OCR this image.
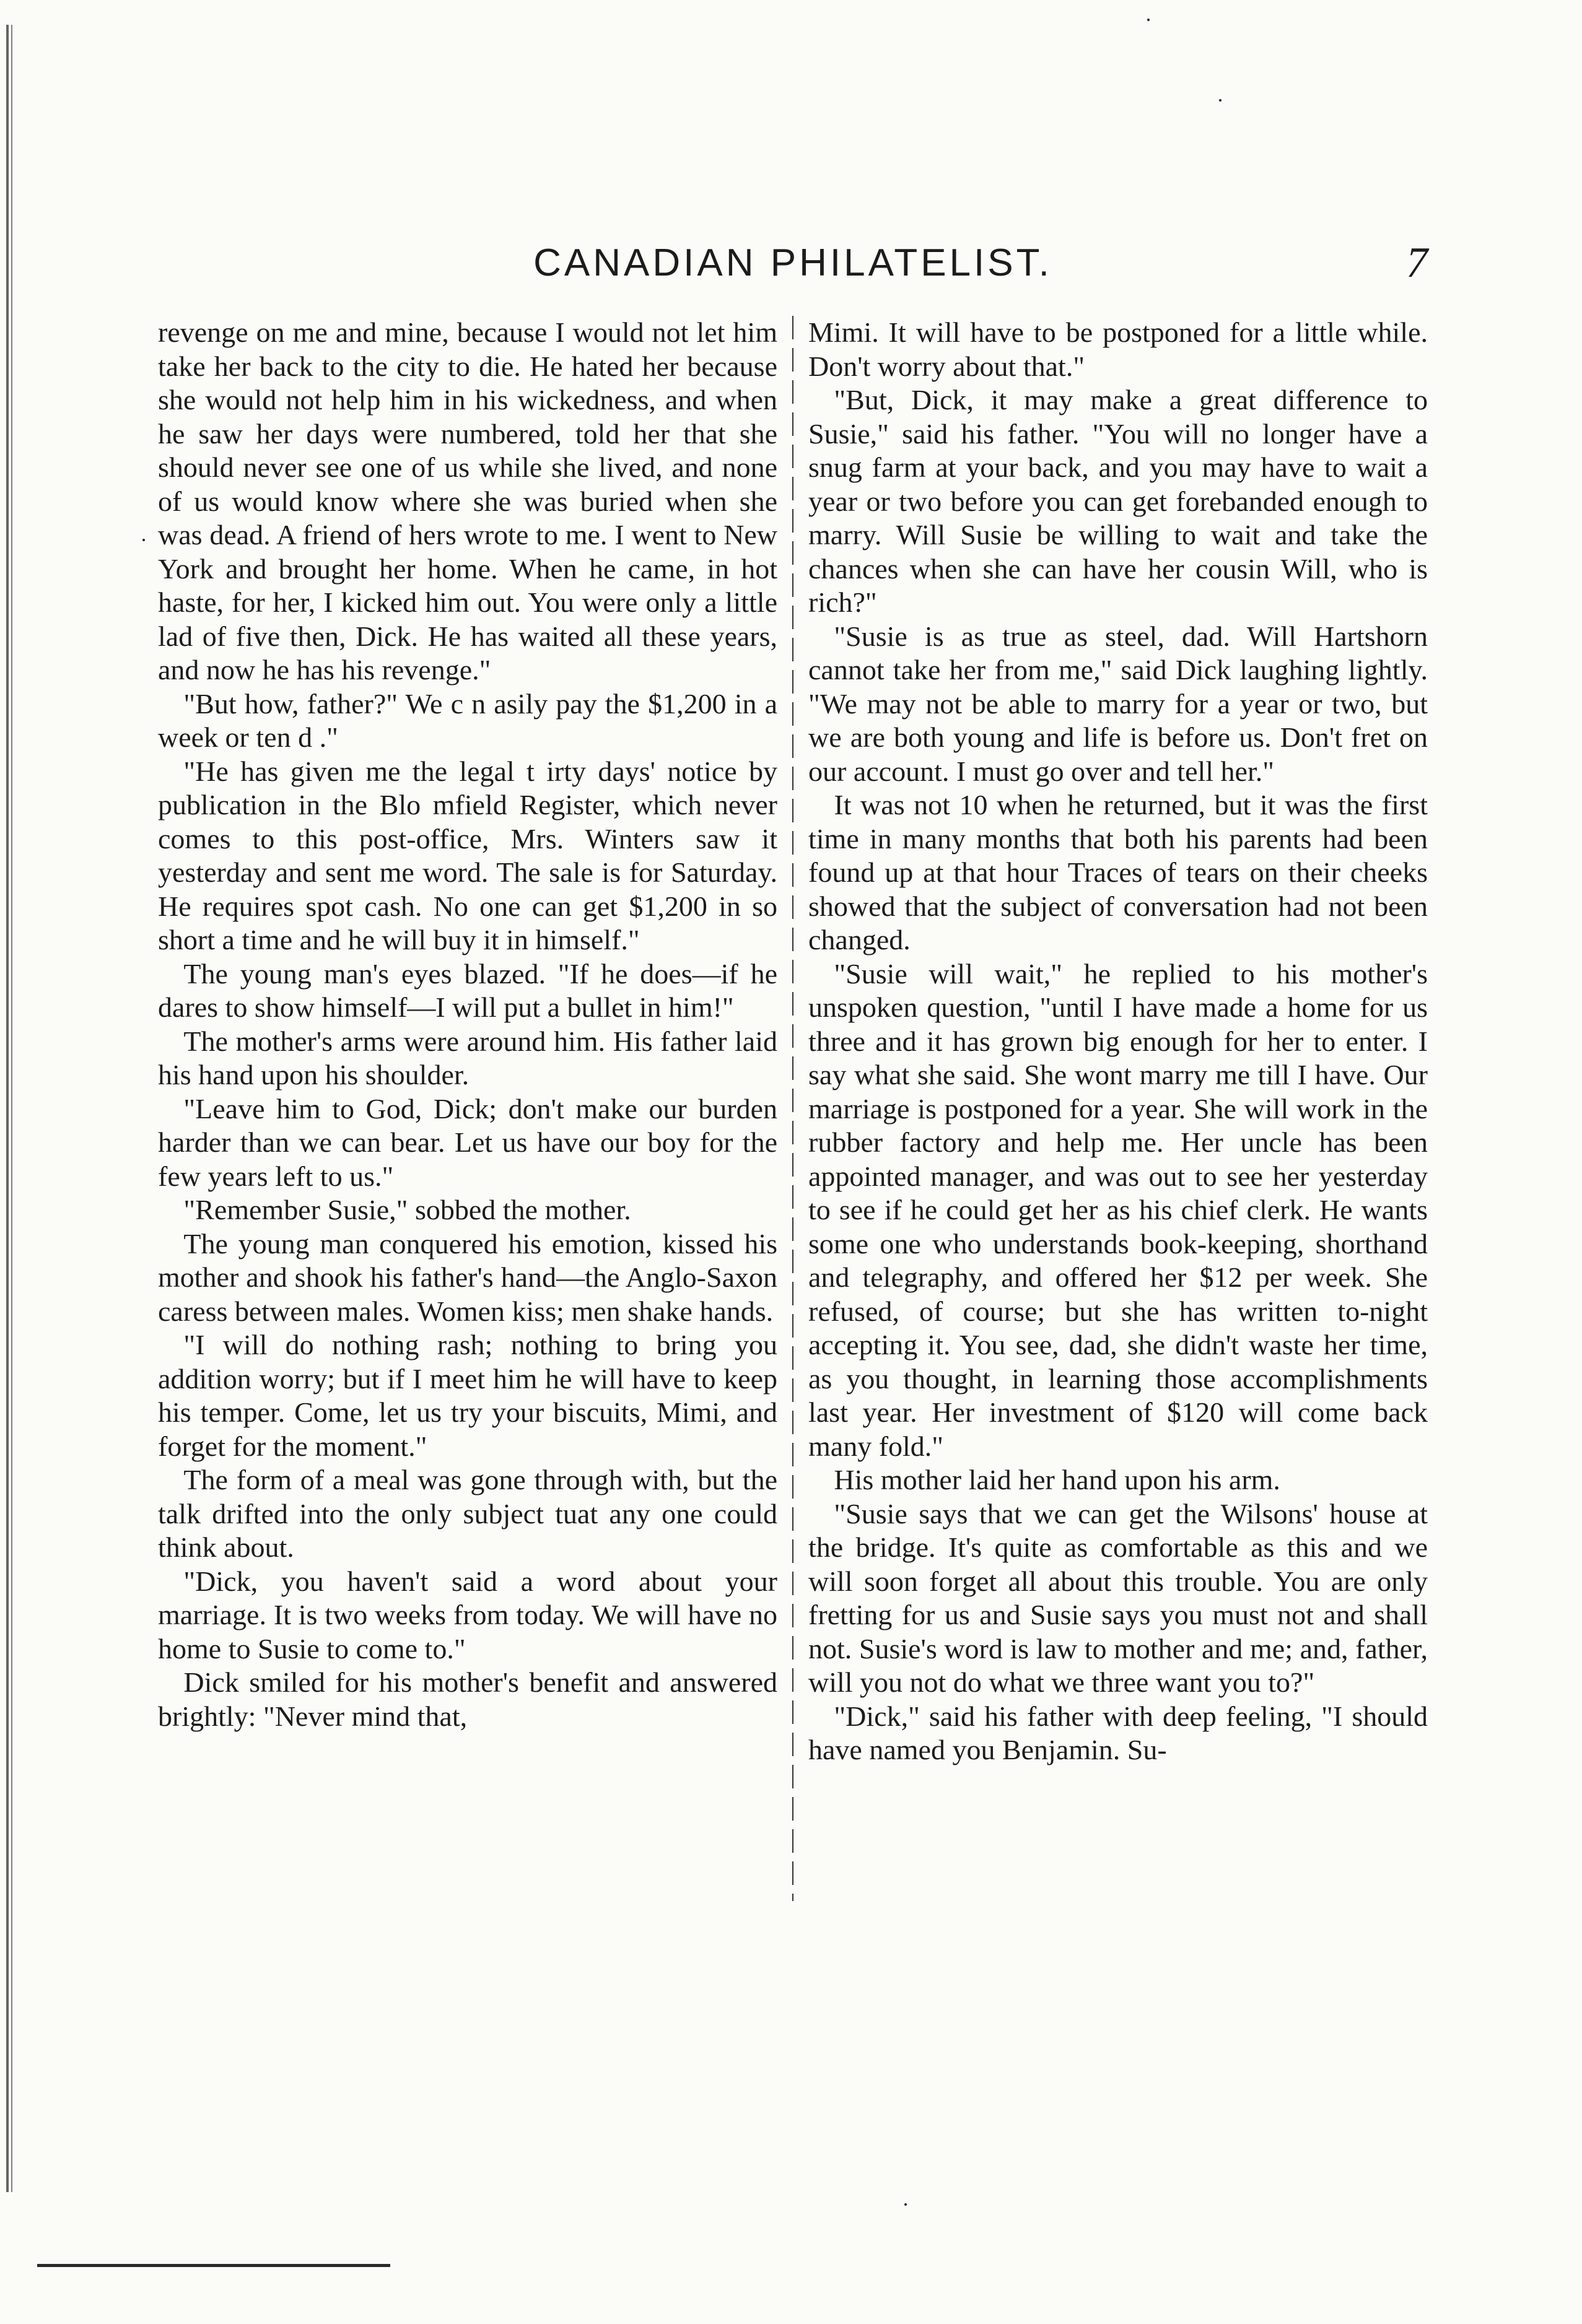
CANADIAN PHILATELIST.	7

revenge on me and mine, because I would not let him take her back to the city to die. He hated her because she would not help him in his wickedness, and when he saw her days were numbered, told her that she should never see one of us while she lived, and none of us would know where she was buried when she was dead. A friend of hers wrote to me. I went to New York and brought her home. When he came, in hot haste, for her, I kicked him out. You were only a little lad of five then, Dick. He has waited all these years, and now he has his revenge."

"But how, father?" We c n asily pay the $1,200 in a week or ten d ."

"He has given me the legal t irty days' notice by publication in the Blo mfield Register, which never comes to this post-office, Mrs. Winters saw it yesterday and sent me word. The sale is for Saturday. He requires spot cash. No one can get $1,200 in so short a time and he will buy it in himself."

The young man's eyes blazed. "If he does—if he dares to show himself—I will put a bullet in him!"

The mother's arms were around him. His father laid his hand upon his shoulder.

"Leave him to God, Dick; don't make our burden harder than we can bear. Let us have our boy for the few years left to us."

"Remember Susie," sobbed the mother.

The young man conquered his emotion, kissed his mother and shook his father's hand—the Anglo-Saxon caress between males. Women kiss; men shake hands.

"I will do nothing rash; nothing to bring you addition worry; but if I meet him he will have to keep his temper. Come, let us try your biscuits, Mimi, and forget for the moment."

The form of a meal was gone through with, but the talk drifted into the only subject tuat any one could think about.

"Dick, you haven't said a word about your marriage. It is two weeks from today. We will have no home to Susie to come to."

Dick smiled for his mother's benefit and answered brightly: "Never mind that,

Mimi. It will have to be postponed for a little while. Don't worry about that."

"But, Dick, it may make a great difference to Susie," said his father. "You will no longer have a snug farm at your back, and you may have to wait a year or two before you can get forebanded enough to marry. Will Susie be willing to wait and take the chances when she can have her cousin Will, who is rich?"

"Susie is as true as steel, dad. Will Hartshorn cannot take her from me," said Dick laughing lightly. "We may not be able to marry for a year or two, but we are both young and life is before us. Don't fret on our account. I must go over and tell her."

It was not 10 when he returned, but it was the first time in many months that both his parents had been found up at that hour Traces of tears on their cheeks showed that the subject of conversation had not been changed.

"Susie will wait," he replied to his mother's unspoken question, "until I have made a home for us three and it has grown big enough for her to enter. I say what she said. She wont marry me till I have. Our marriage is postponed for a year. She will work in the rubber factory and help me. Her uncle has been appointed manager, and was out to see her yesterday to see if he could get her as his chief clerk. He wants some one who understands book-keeping, shorthand and telegraphy, and offered her $12 per week. She refused, of course; but she has written to-night accepting it. You see, dad, she didn't waste her time, as you thought, in learning those accomplishments last year. Her investment of $120 will come back many fold."

His mother laid her hand upon his arm.

"Susie says that we can get the Wilsons' house at the bridge. It's quite as comfortable as this and we will soon forget all about this trouble. You are only fretting for us and Susie says you must not and shall not. Susie's word is law to mother and me; and, father, will you not do what we three want you to?"

"Dick," said his father with deep feeling, "I should have named you Benjamin. Su-
